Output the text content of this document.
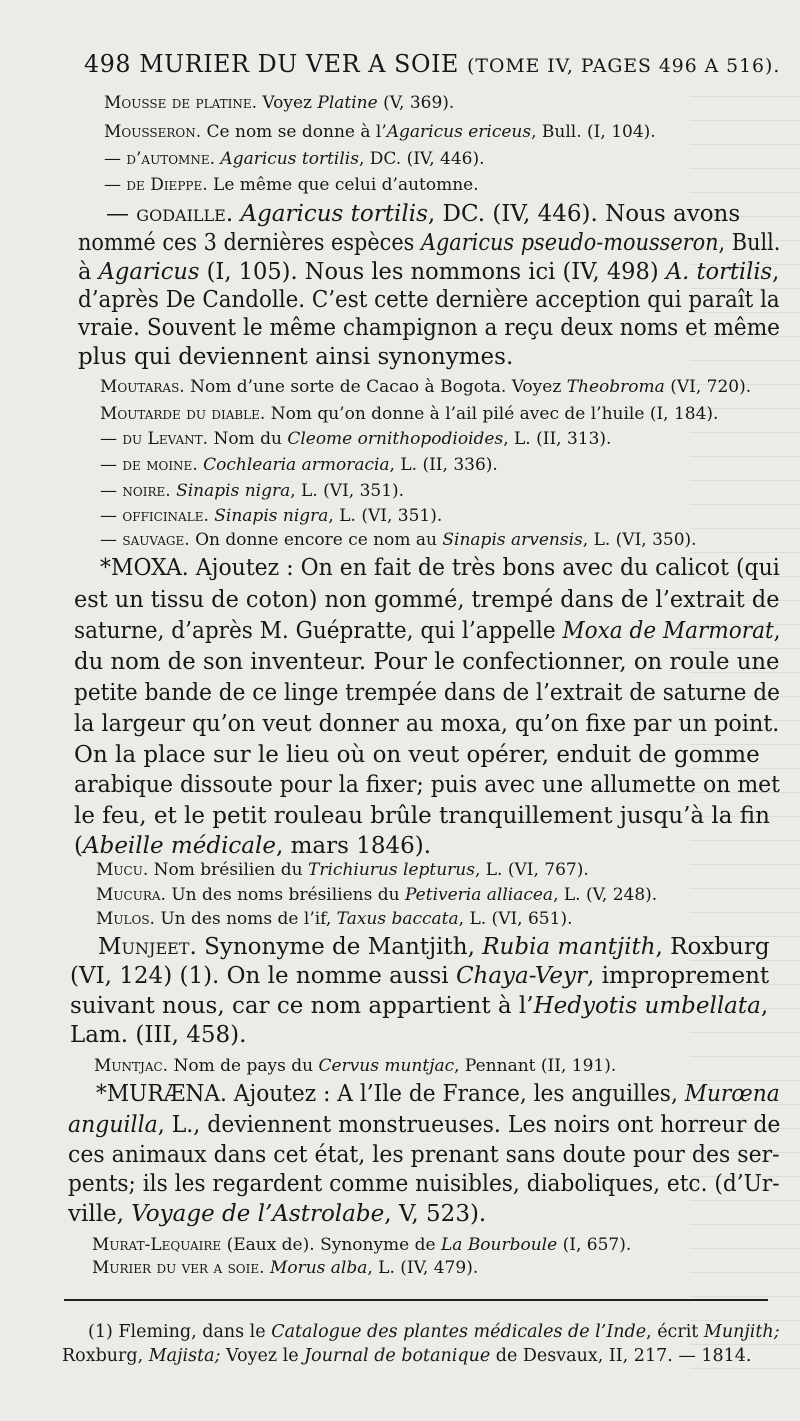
498 MURIER DU VER A SOIE (TOME IV, PAGES 496 A 516).
Mousse de platine. Voyez Platine (V, 369).
Mousseron. Ce nom se donne à l’Agaricus ericeus, Bull. (I, 104).
— d’automne. Agaricus tortilis, DC. (IV, 446).
— de Dieppe. Le même que celui d’automne.
— godaille. Agaricus tortilis, DC. (IV, 446). Nous avons
nommé ces 3 dernières espèces Agaricus pseudo-mousseron, Bull.
à Agaricus (I, 105). Nous les nommons ici (IV, 498) A. tortilis,
d’après De Candolle. C’est cette dernière acception qui paraît la
vraie. Souvent le même champignon a reçu deux noms et même
plus qui deviennent ainsi synonymes.
Moutaras. Nom d’une sorte de Cacao à Bogota. Voyez Theobroma (VI, 720).
Moutarde du diable. Nom qu’on donne à l’ail pilé avec de l’huile (I, 184).
— du Levant. Nom du Cleome ornithopodioides, L. (II, 313).
— de moine. Cochlearia armoracia, L. (II, 336).
— noire. Sinapis nigra, L. (VI, 351).
— officinale. Sinapis nigra, L. (VI, 351).
— sauvage. On donne encore ce nom au Sinapis arvensis, L. (VI, 350).
*MOXA. Ajoutez : On en fait de très bons avec du calicot (qui
est un tissu de coton) non gommé, trempé dans de l’extrait de
saturne, d’après M. Guépratte, qui l’appelle Moxa de Marmorat,
du nom de son inventeur. Pour le confectionner, on roule une
petite bande de ce linge trempée dans de l’extrait de saturne de
la largeur qu’on veut donner au moxa, qu’on fixe par un point.
On la place sur le lieu où on veut opérer, enduit de gomme
arabique dissoute pour la fixer; puis avec une allumette on met
le feu, et le petit rouleau brûle tranquillement jusqu’à la fin
(Abeille médicale, mars 1846).
Mucu. Nom brésilien du Trichiurus lepturus, L. (VI, 767).
Mucura. Un des noms brésiliens du Petiveria alliacea, L. (V, 248).
Mulos. Un des noms de l’if, Taxus baccata, L. (VI, 651).
Munjeet. Synonyme de Mantjith, Rubia mantjith, Roxburg
(VI, 124) (1). On le nomme aussi Chaya-Veyr, improprement
suivant nous, car ce nom appartient à l’Hedyotis umbellata,
Lam. (III, 458).
Muntjac. Nom de pays du Cervus muntjac, Pennant (II, 191).
*MURÆNA. Ajoutez : A l’Ile de France, les anguilles, Murœna
anguilla, L., deviennent monstrueuses. Les noirs ont horreur de
ces animaux dans cet état, les prenant sans doute pour des ser-
pents; ils les regardent comme nuisibles, diaboliques, etc. (d’Ur-
ville, Voyage de l’Astrolabe, V, 523).
Murat-Lequaire (Eaux de). Synonyme de La Bourboule (I, 657).
Murier du ver a soie. Morus alba, L. (IV, 479).
(1) Fleming, dans le Catalogue des plantes médicales de l’Inde, écrit Munjith;
Roxburg, Majista; Voyez le Journal de botanique de Desvaux, II, 217. — 1814.
